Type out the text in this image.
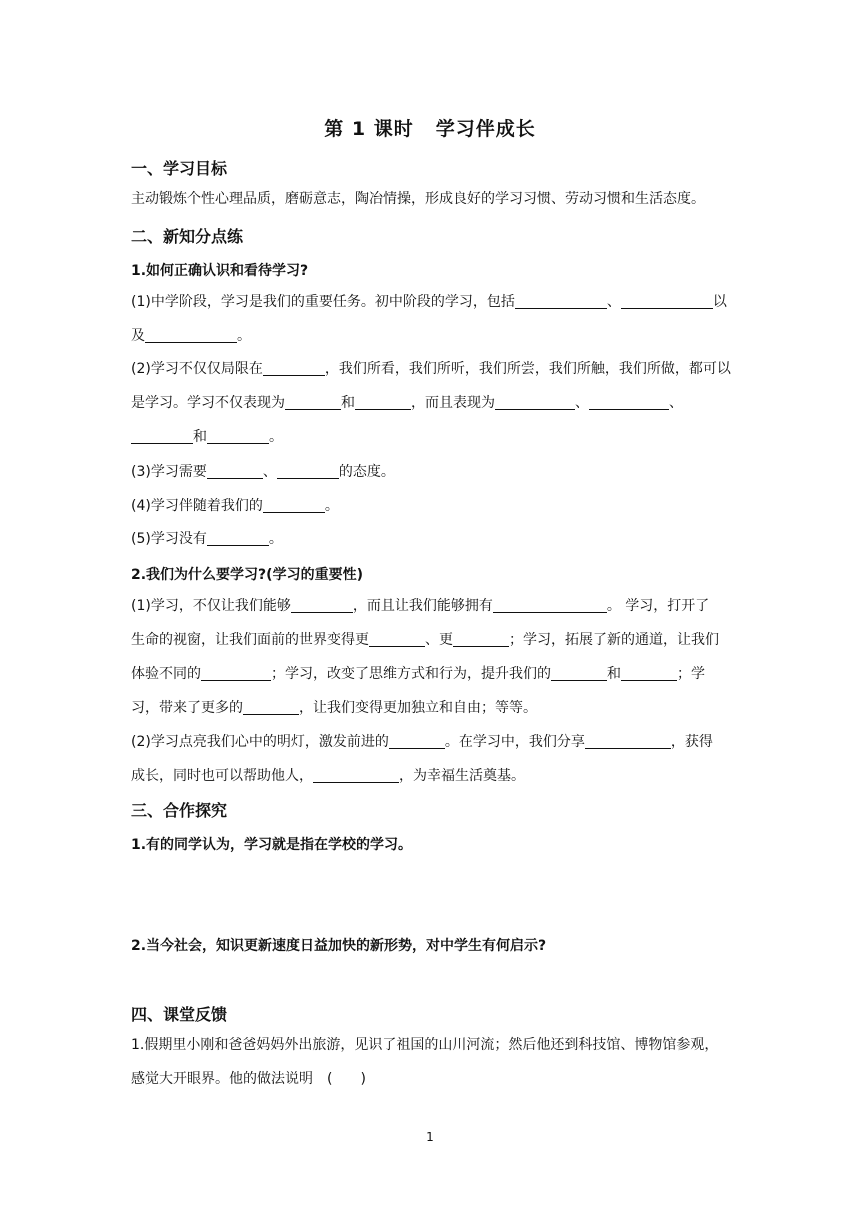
第 1 课时 学习伴成长
一、学习目标
主动锻炼个性心理品质，磨砺意志，陶冶情操，形成良好的学习习惯、劳动习惯和生活态度。
二、新知分点练
1.如何正确认识和看待学习?
(1)中学阶段，学习是我们的重要任务。初中阶段的学习，包括	、	以
及	。
(2)学习不仅仅局限在	，我们所看，我们所听，我们所尝，我们所触，我们所做，都可以
是学习。学习不仅表现为	和	，而且表现为	、	、
和	。
(3)学习需要	、	的态度。
(4)学习伴随着我们的	。
(5)学习没有	。
2.我们为什么要学习?(学习的重要性)
(1)学习，不仅让我们能够	，而且让我们能够拥有	。 学习，打开了
生命的视窗，让我们面前的世界变得更	、更	；学习，拓展了新的通道，让我们
体验不同的	；学习，改变了思维方式和行为，提升我们的	和	；学
习，带来了更多的	，让我们变得更加独立和自由；等等。
(2)学习点亮我们心中的明灯，激发前进的	。在学习中，我们分享	，获得
成长，同时也可以帮助他人，	，为幸福生活奠基。
三、合作探究
1.有的同学认为，学习就是指在学校的学习。
2.当今社会，知识更新速度日益加快的新形势，对中学生有何启示?
四、课堂反馈
1.假期里小刚和爸爸妈妈外出旅游，见识了祖国的山川河流；然后他还到科技馆、博物馆参观，
感觉大开眼界。他的做法说明 (　　)
1
